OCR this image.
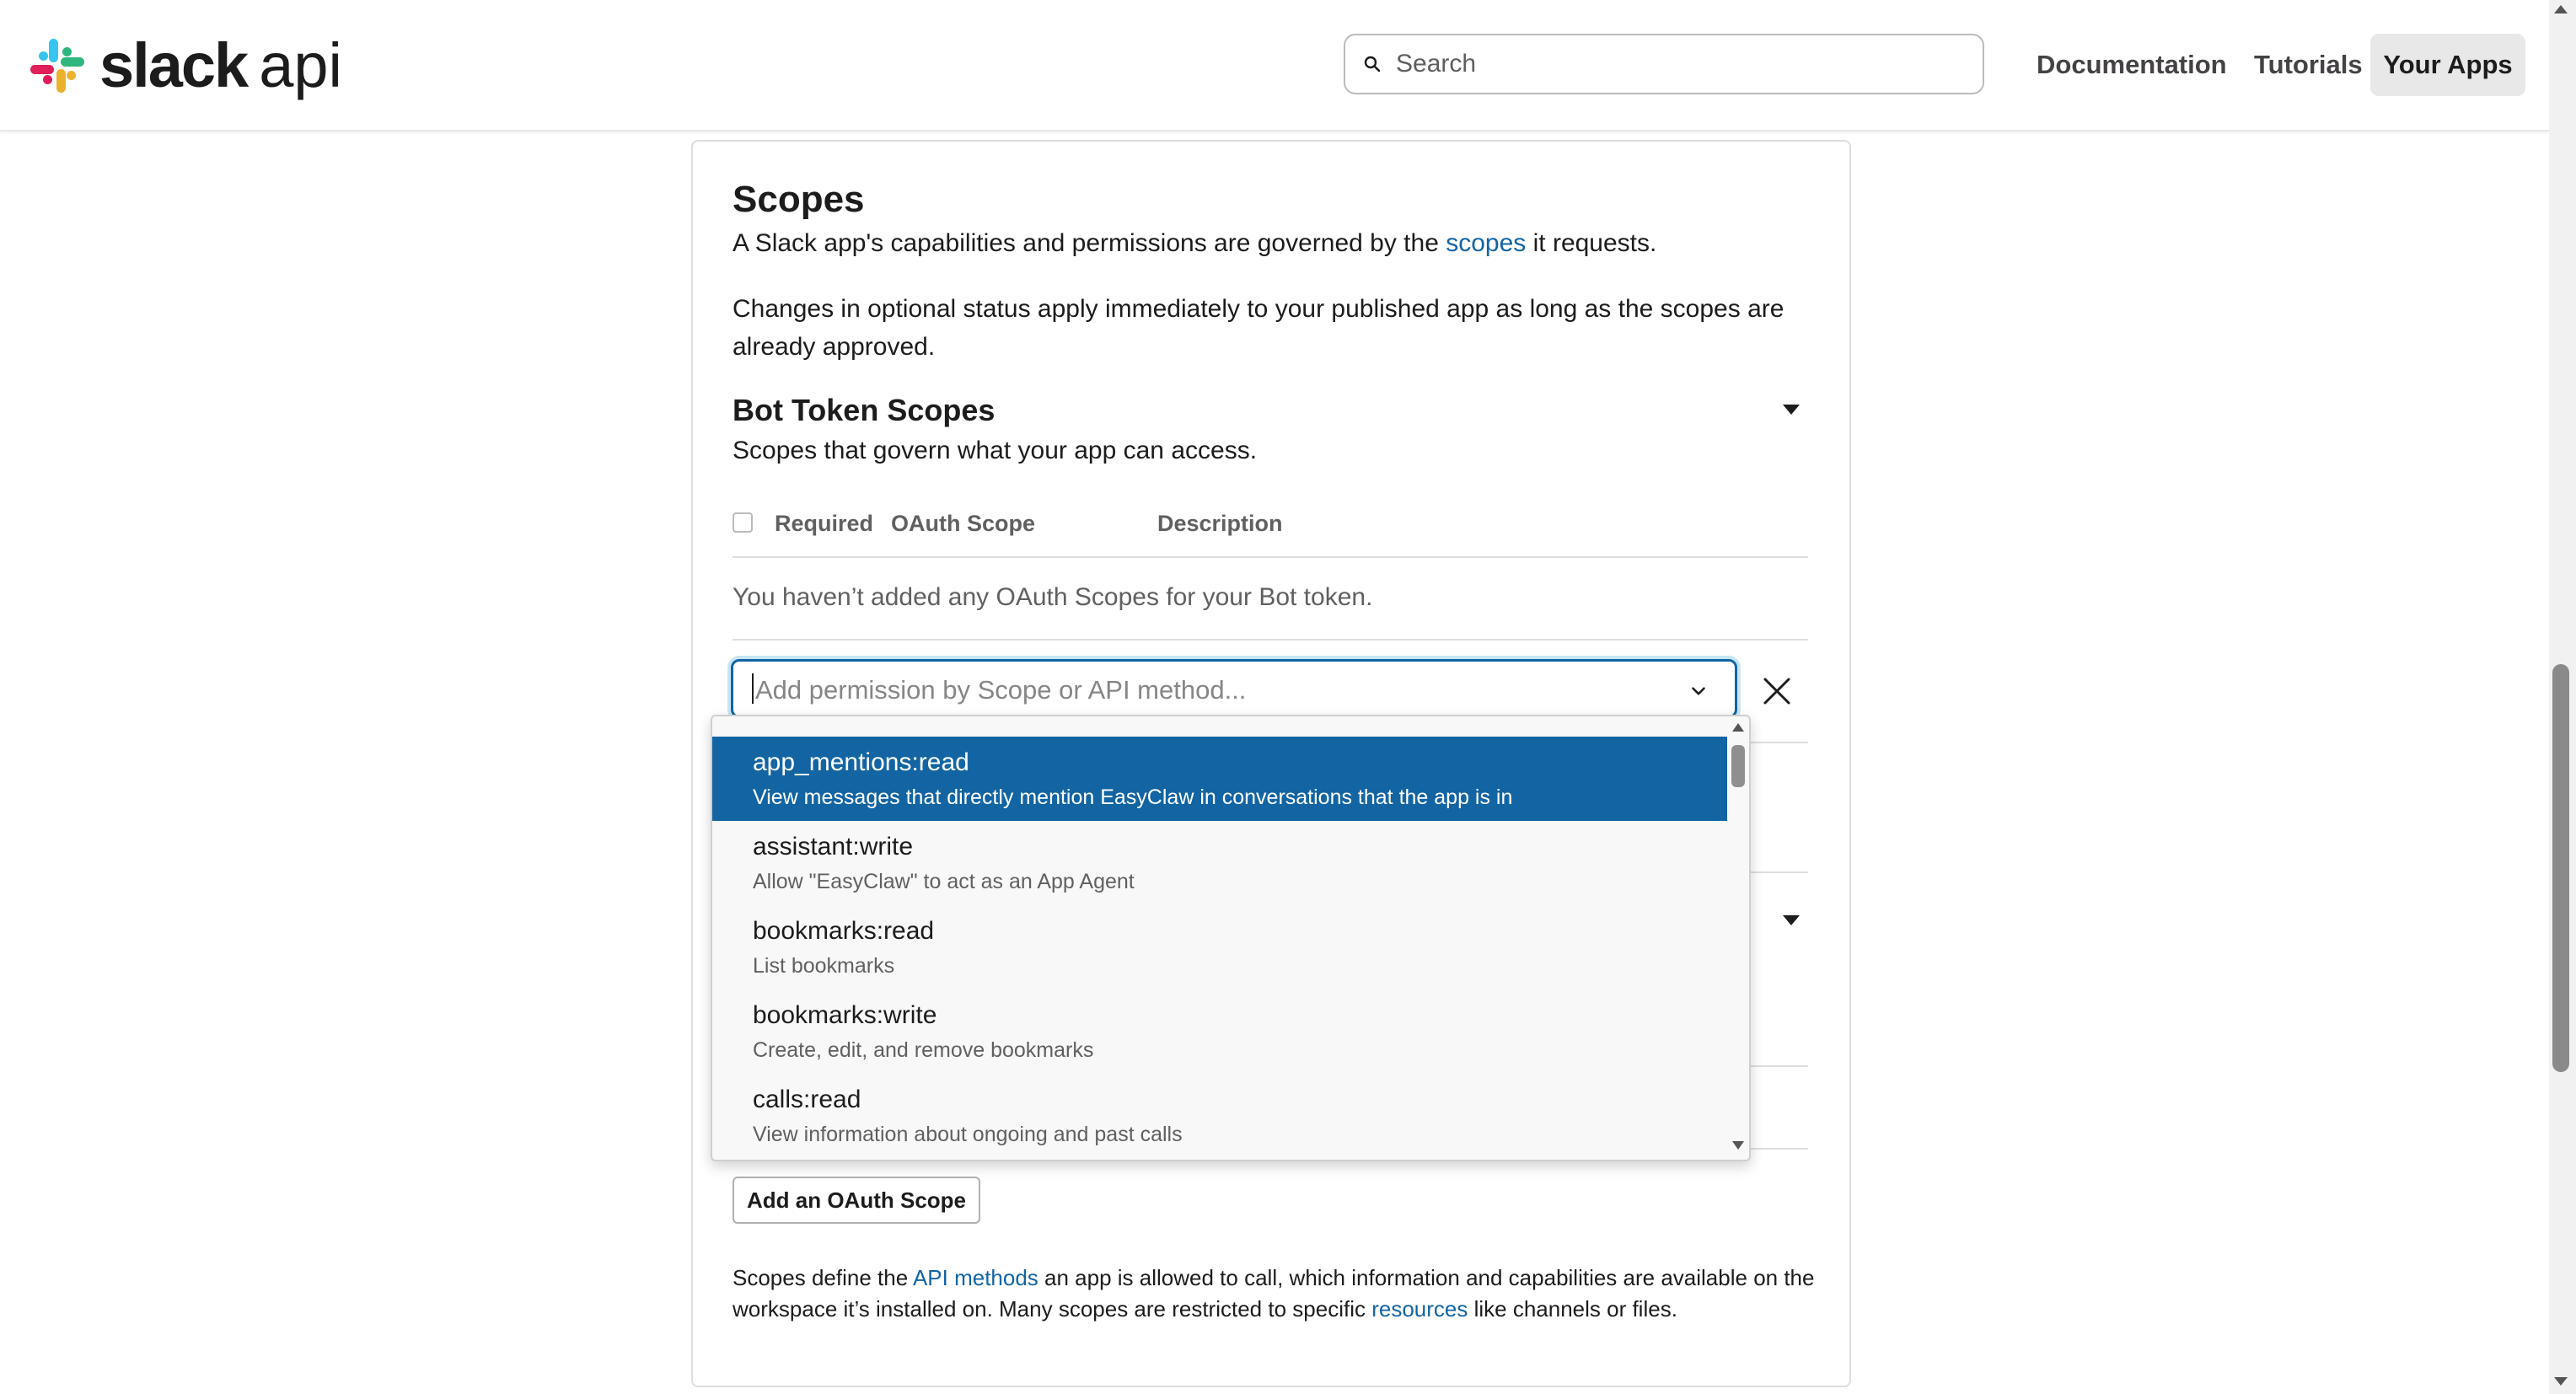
slack api	Search	Documentation Tutorials Your Apps
Scopes

A Slack app's capabilities and permissions are governed by the scopes it requests.

Changes in optional status apply immediately to your published app as long as the scopes are already approved.

Bot Token Scopes

Scopes that govern what your app can access.

Required OAuth Scope	Description

You haven’t added any OAuth Scopes for your Bot token.

Add permission by Scope or API method...
app_mentions:read
View messages that directly mention EasyClaw in conversations that the app is in
assistant:write
Allow "EasyClaw" to act as an App Agent
bookmarks:read
List bookmarks
bookmarks:write
Create, edit, and remove bookmarks
calls:read
View information about ongoing and past calls
Add an OAuth Scope

Scopes define the API methods an app is allowed to call, which information and capabilities are available on the workspace it’s installed on. Many scopes are restricted to specific resources like channels or files.
